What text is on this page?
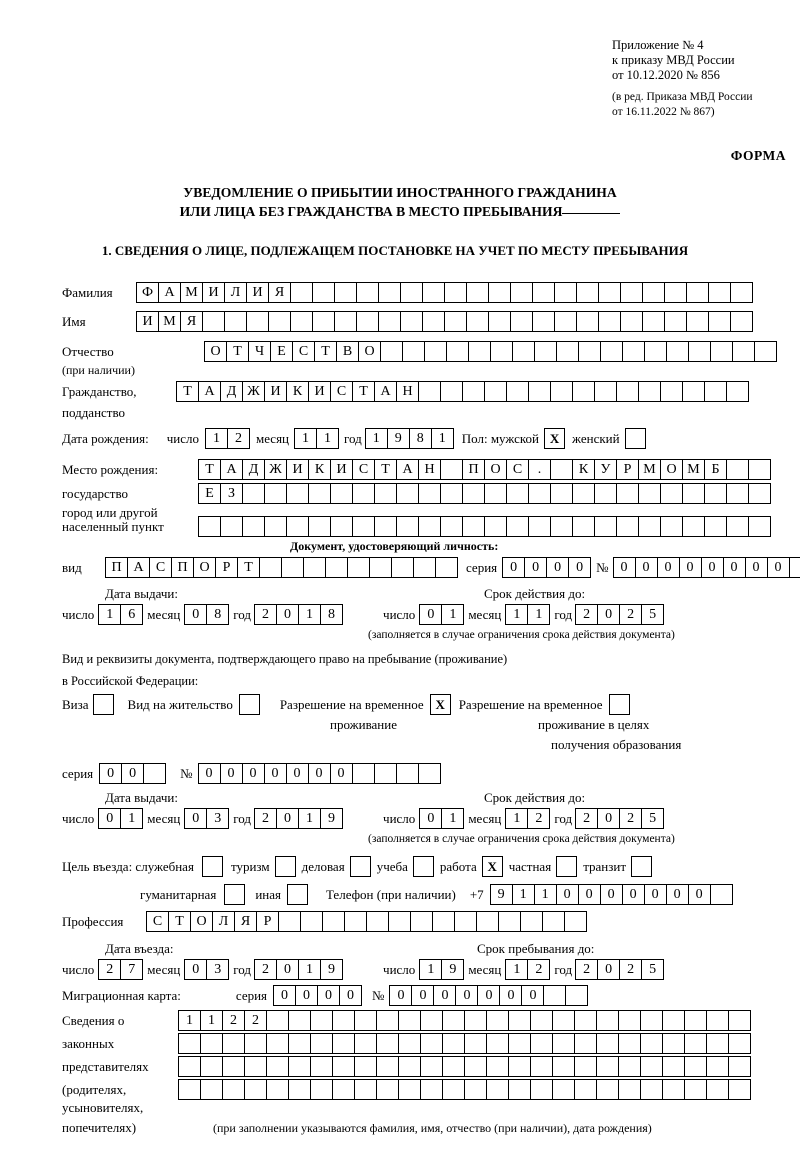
Приложение № 4
к приказу МВД России
от 10.12.2020 № 856
(в ред. Приказа МВД России
от 16.11.2022 № 867)
ФОРМА
УВЕДОМЛЕНИЕ О ПРИБЫТИИ ИНОСТРАННОГО ГРАЖДАНИНА
ИЛИ ЛИЦА БЕЗ ГРАЖДАНСТВА В МЕСТО ПРЕБЫВАНИЯ
1. СВЕДЕНИЯ О ЛИЦЕ, ПОДЛЕЖАЩЕМ ПОСТАНОВКЕ НА УЧЕТ ПО МЕСТУ ПРЕБЫВАНИЯ
Фамилия	Ф А М И Л И Я
Имя	И М Я
Отчество	О Т Ч Е С Т В О
(при наличии)
Гражданство,	Т А Д Ж И К И С Т А Н
подданство
Дата рождения: число	1	2	месяц 1	1	год 1	9	8	1	Пол: мужской Х женский
Место рождения:	Т А Д Ж И К И С Т А Н	П О С	.	К У Р М О М Б
государство	Е	З
город или другой
населенный пункт
Документ, удостоверяющий личность:
вид	П А С П О Р Т	серия 0	0	0	0	№ 0	0	0	0	0	0	0	0
Дата выдачи:	Срок действия до:
число 1	6 месяц 0	8 год 2	0	1	8	число 0	1 месяц 1	1 год 2	0	2	5
(заполняется в случае ограничения срока действия документа)
Вид и реквизиты документа, подтверждающего право на пребывание (проживание)
в Российской Федерации:
Виза	Вид на жительство	Разрешение на временное Х	Разрешение на временное
проживание	проживание в целях
получения образования
серия	0	0	№ 0	0	0	0	0	0	0
Дата выдачи:	Срок действия до:
число 0	1 месяц 0	3 год 2	0	1	9	число 0	1 месяц 1	2 год 2	0	2	5
(заполняется в случае ограничения срока действия документа)
Цель въезда: служебная	туризм деловая учеба работа Х частная транзит
гуманитарная	иная	Телефон (при наличии) +7	9	1	1	0	0	0	0	0	0	0
Профессия	С Т О Л Я Р
Дата въезда:	Срок пребывания до:
число 2	7 месяц 0	3 год 2	0	1	9	число 1	9 месяц 1	2 год 2	0	2	5
Миграционная карта:	серия	0	0	0	0	№ 0	0	0	0	0	0	0
Сведения о	1	1	2	2
законных
представителях
(родителях,
усыновителях,
попечителях)	(при заполнении указываются фамилия, имя, отчество (при наличии), дата рождения)
